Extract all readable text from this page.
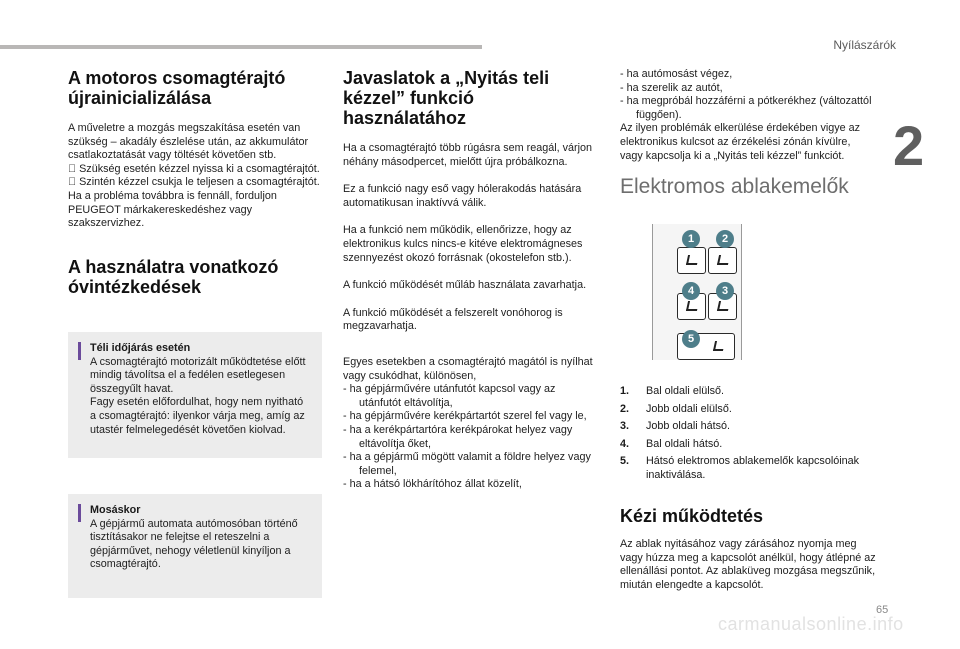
Nyílászárók
2
A motoros csomagtérajtó újrainicializálása
A műveletre a mozgás megszakítása esetén van szükség – akadály észlelése után, az akkumulátor csatlakoztatását vagy töltését követően stb.
Szükség esetén kézzel nyissa ki a csomagtérajtót.
Szintén kézzel csukja le teljesen a csomagtérajtót.
Ha a probléma továbbra is fennáll, forduljon PEUGEOT márkakereskedéshez vagy szakszervizhez.
A használatra vonatkozó óvintézkedések
Téli időjárás esetén
A csomagtérajtó motorizált működtetése előtt mindig távolítsa el a fedélen esetlegesen összegyűlt havat.
Fagy esetén előfordulhat, hogy nem nyitható a csomagtérajtó: ilyenkor várja meg, amíg az utastér felmelegedését követően kiolvad.
Mosáskor
A gépjármű automata autómosóban történő tisztításakor ne felejtse el reteszelni a gépjárművet, nehogy véletlenül kinyíljon a csomagtérajtó.
Javaslatok a „Nyitás teli kézzel” funkció használatához
Ha a csomagtérajtó több rúgásra sem reagál, várjon néhány másodpercet, mielőtt újra próbálkozna.
Ez a funkció nagy eső vagy hólerakodás hatására automatikusan inaktívvá válik.
Ha a funkció nem működik, ellenőrizze, hogy az elektronikus kulcs nincs-e kitéve elektromágneses szennyezést okozó forrásnak (okostelefon stb.).
A funkció működését műláb használata zavarhatja.
A funkció működését a felszerelt vonóhorog is megzavarhatja.
Egyes esetekben a csomagtérajtó magától is nyílhat vagy csukódhat, különösen,
- ha gépjárművére utánfutót kapcsol vagy az utánfutót eltávolítja,
- ha gépjárművére kerékpártartót szerel fel vagy le,
- ha a kerékpártartóra kerékpárokat helyez vagy eltávolítja őket,
- ha a gépjármű mögött valamit a földre helyez vagy felemel,
- ha a hátsó lökhárítóhoz állat közelít,
- ha autómosást végez,
- ha szerelik az autót,
- ha megpróbál hozzáférni a pótkerékhez (változattól függően).
Az ilyen problémák elkerülése érdekében vigye az elektronikus kulcsot az érzékelési zónán kívülre, vagy kapcsolja ki a „Nyitás teli kézzel” funkciót.
Elektromos ablakemelők
1	2
3
4
5
1. Bal oldali elülső.
2. Jobb oldali elülső.
3. Jobb oldali hátsó.
4. Bal oldali hátsó.
5. Hátsó elektromos ablakemelők kapcsolóinak inaktiválása.
Kézi működtetés
Az ablak nyitásához vagy zárásához nyomja meg vagy húzza meg a kapcsolót anélkül, hogy átlépné az ellenállási pontot. Az ablaküveg mozgása megszűnik, miután elengedte a kapcsolót.
65
carmanualsonline.info
